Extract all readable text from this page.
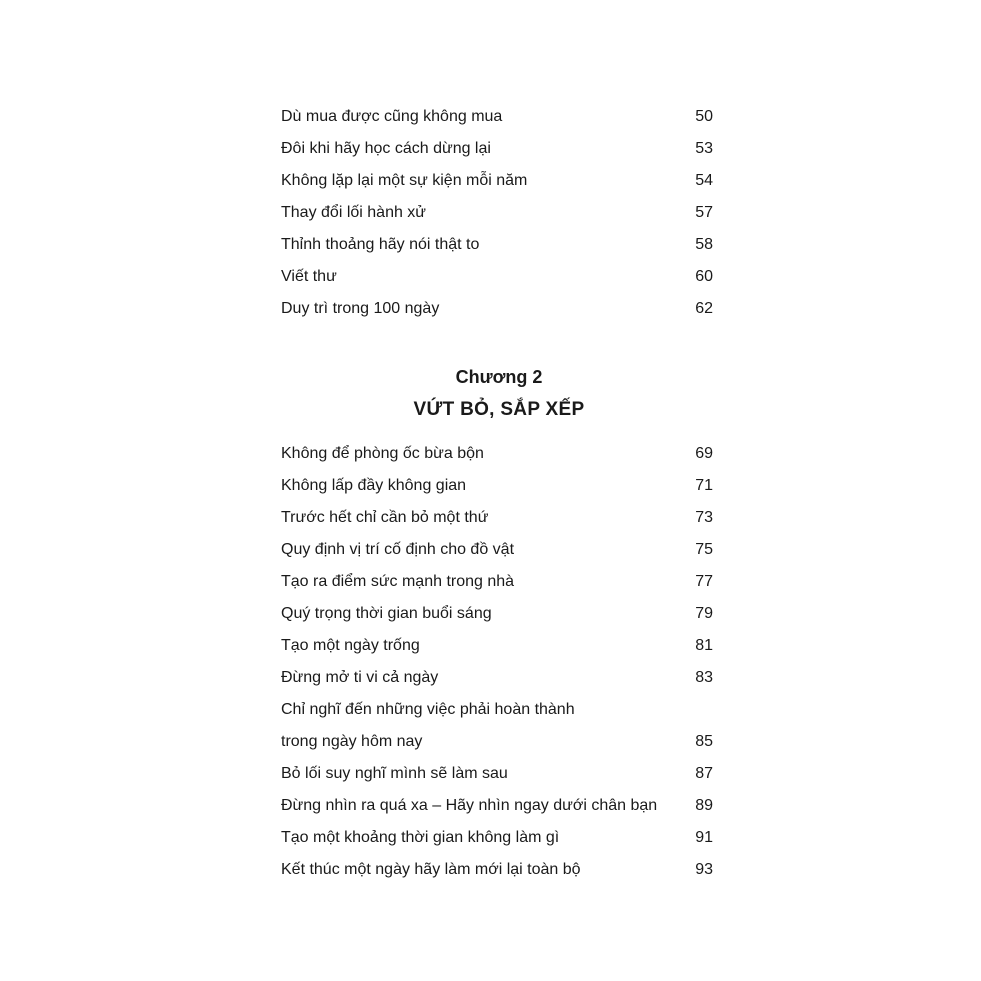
Dù mua được cũng không mua	50
Đôi khi hãy học cách dừng lại	53
Không lặp lại một sự kiện mỗi năm	54
Thay đổi lối hành xử	57
Thỉnh thoảng hãy nói thật to	58
Viết thư	60
Duy trì trong 100 ngày	62
Chương 2
VỨT BỎ, SẮP XẾP
Không để phòng ốc bừa bộn	69
Không lấp đầy không gian	71
Trước hết chỉ cần bỏ một thứ	73
Quy định vị trí cố định cho đồ vật	75
Tạo ra điểm sức mạnh trong nhà	77
Quý trọng thời gian buổi sáng	79
Tạo một ngày trống	81
Đừng mở ti vi cả ngày	83
Chỉ nghĩ đến những việc phải hoàn thành
trong ngày hôm nay	85
Bỏ lối suy nghĩ mình sẽ làm sau	87
Đừng nhìn ra quá xa – Hãy nhìn ngay dưới chân bạn 89
Tạo một khoảng thời gian không làm gì	91
Kết thúc một ngày hãy làm mới lại toàn bộ	93
